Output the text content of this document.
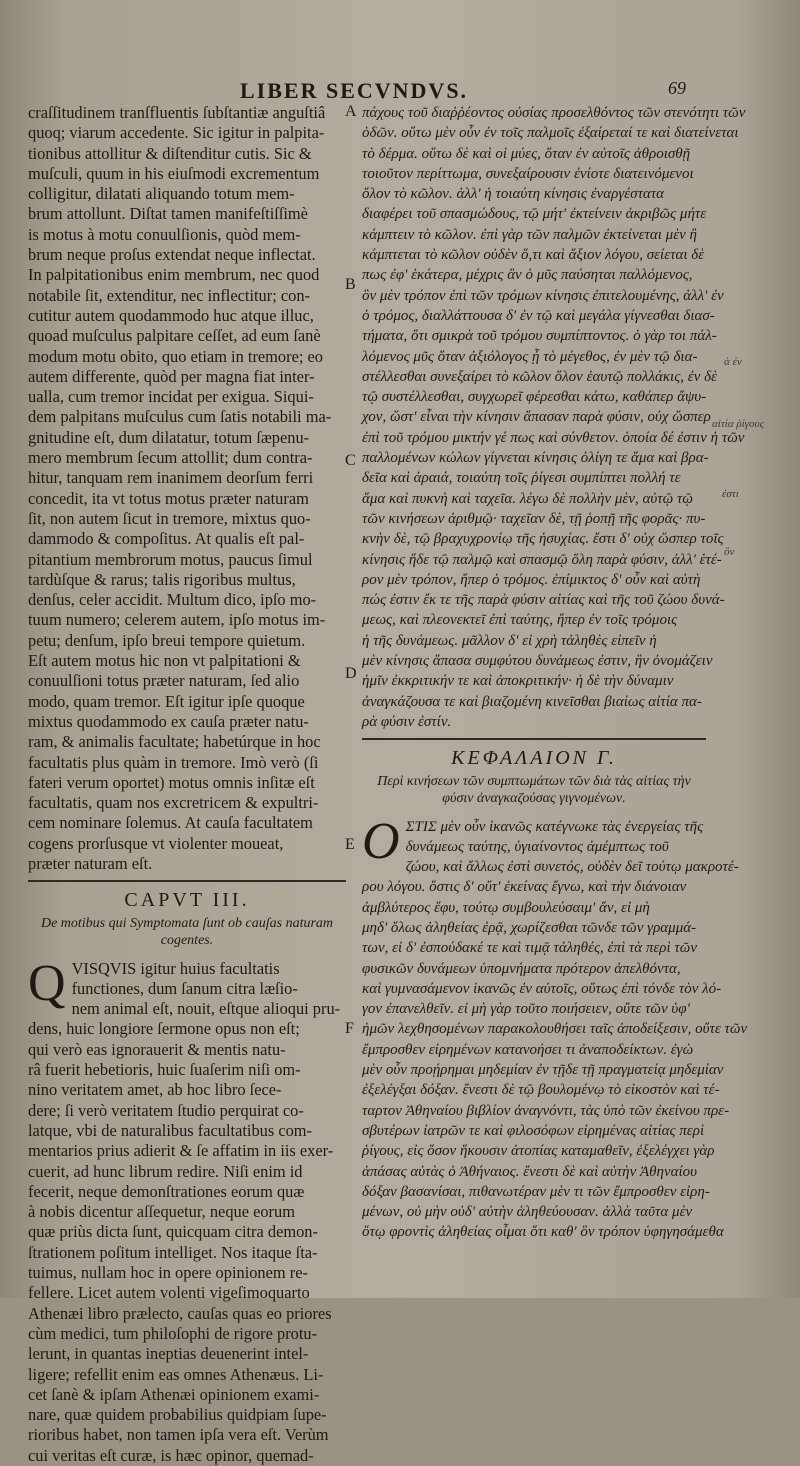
LIBER SECVNDVS.	69
craſſitudinem tranſfluentis ſubſtantiæ anguſtiâ
quoq; viarum accedente. Sic igitur in palpita-
tionibus attollitur & diſtenditur cutis. Sic &
muſculi, quum in his eiuſmodi excrementum
colligitur, dilatati aliquando totum mem-
brum attollunt. Diſtat tamen manifeſtiſſimè
is motus à motu conuulſionis, quòd mem-
brum neque proſus extendat neque inflectat.
In palpitationibus enim membrum, nec quod
notabile ſit, extenditur, nec inflectitur; con-
cutitur autem quodammodo huc atque illuc,
quoad muſculus palpitare ceſſet, ad eum ſanè
modum motu obito, quo etiam in tremore; eo
autem differente, quòd per magna fiat inter-
ualla, cum tremor incidat per exigua. Siqui-
dem palpitans muſculus cum ſatis notabili ma-
gnitudine eſt, dum dilatatur, totum ſæpenu-
mero membrum ſecum attollit; dum contra-
hitur, tanquam rem inanimem deorſum ferri
concedit, ita vt totus motus præter naturam
ſit, non autem ſicut in tremore, mixtus quo-
dammodo & compoſitus. At qualis eſt pal-
pitantium membrorum motus, paucus ſimul
tardùſque & rarus; talis rigoribus multus,
denſus, celer accidit. Multum dico, ipſo mo-
tuum numero; celerem autem, ipſo motus im-
petu; denſum, ipſo breui tempore quietum.
Eſt autem motus hic non vt palpitationi &
conuulſioni totus præter naturam, ſed alio
modo, quam tremor. Eſt igitur ipſe quoque
mixtus quodammodo ex cauſa præter natu-
ram, & animalis facultate; habetúrque in hoc
facultatis plus quàm in tremore. Imò verò (ſi
fateri verum oportet) motus omnis inſitæ eſt
facultatis, quam nos excretricem & expultri-
cem nominare ſolemus. At cauſa facultatem
cogens prorſusque vt violenter moueat,
præter naturam eſt.
CAPVT III.
De motibus qui Symptomata ſunt ob cauſas naturam cogentes.
Q VISQVIS igitur huius facultatis
functiones, dum ſanum citra læſio-
nem animal eſt, nouit, eſtque alioqui pru-
dens, huic longiore ſermone opus non eſt;
qui verò eas ignorauerit & mentis natu-
râ fuerit hebetioris, huic ſuaſerim niſi om-
nino veritatem amet, ab hoc libro ſece-
dere; ſi verò veritatem ſtudio perquirat co-
latque, vbi de naturalibus facultatibus com-
mentarios prius adierit & ſe affatim in iis exer-
cuerit, ad hunc librum redire. Niſi enim id
fecerit, neque demonſtrationes eorum quæ
à nobis dicentur aſſequetur, neque eorum
quæ priùs dicta ſunt, quicquam citra demon-
ſtrationem poſitum intelliget. Nos itaque ſta-
tuimus, nullam hoc in opere opinionem re-
fellere. Licet autem volenti vigeſimoquarto
Athenæi libro prælecto, cauſas quas eo priores
cùm medici, tum philoſophi de rigore protu-
lerunt, in quantas ineptias deuenerint intel-
ligere; refellit enim eas omnes Athenæus. Li-
cet ſanè & ipſam Athenæi opinionem exami-
nare, quæ quidem probabilius quidpiam ſupe-
rioribus habet, non tamen ipſa vera eſt. Verùm
cui veritas eſt curæ, is hæc opinor, quemad-
A
B
C
D
E
F
πάχους τοῦ διαῤῥέοντος οὐσίας προσελθόντος τῶν στενότητι τῶν
ὁδῶν. οὕτω μὲν οὖν ἐν τοῖς παλμοῖς ἐξαίρεταί τε καὶ διατείνεται
τὸ δέρμα. οὕτω δὲ καὶ οἱ μύες, ὅταν ἐν αὐτοῖς ἀθροισθῇ
τοιοῦτον περίττωμα, συνεξαίρουσιν ἐνίοτε διατεινόμενοι
ὅλον τὸ κῶλον. ἀλλ' ἡ τοιαύτη κίνησις ἐναργέστατα
διαφέρει τοῦ σπασμώδους, τῷ μήτ' ἐκτείνειν ἀκριβῶς μήτε
κάμπτειν τὸ κῶλον. ἐπὶ γὰρ τῶν παλμῶν ἐκτείνεται μὲν ἢ
κάμπτεται τὸ κῶλον οὐδὲν ὅ,τι καὶ ἄξιον λόγου, σείεται δὲ
πως ἐφ' ἑκάτερα, μέχρις ἂν ὁ μῦς παύσηται παλλόμενος,
ὃν μὲν τρόπον ἐπὶ τῶν τρόμων κίνησις ἐπιτελουμένης, ἀλλ' ἐν
ὁ τρόμος, διαλλάττουσα δ' ἐν τῷ καὶ μεγάλα γίγνεσθαι διασ-
τήματα, ὅτι σμικρὰ τοῦ τρόμου συμπίπτοντος. ὁ γὰρ τοι πάλ-
λόμενος μῦς ὅταν ἀξιόλογος ᾖ τὸ μέγεθος, ἐν μὲν τῷ δια-
στέλλεσθαι συνεξαίρει τὸ κῶλον ὅλον ἑαυτῷ πολλάκις, ἐν δὲ
τῷ συστέλλεσθαι, συγχωρεῖ φέρεσθαι κάτω, καθάπερ ἄψυ-
χον, ὥστ' εἶναι τὴν κίνησιν ἅπασαν παρὰ φύσιν, οὐχ ὥσπερ
ἐπὶ τοῦ τρόμου μικτήν γέ πως καὶ σύνθετον. ὁποία δέ ἐστιν ἡ τῶν
παλλομένων κώλων γίγνεται κίνησις ὀλίγη τε ἅμα καὶ βρα-
δεῖα καὶ ἀραιά, τοιαύτη τοῖς ῥίγεσι συμπίπτει πολλή τε
ἅμα καὶ πυκνὴ καὶ ταχεῖα. λέγω δὲ πολλὴν μὲν, αὐτῷ τῷ
τῶν κινήσεων ἀριθμῷ· ταχεῖαν δὲ, τῇ ῥοπῇ τῆς φορᾶς· πυ-
κνὴν δὲ, τῷ βραχυχρονίῳ τῆς ἡσυχίας. ἔστι δ' οὐχ ὥσπερ τοῖς
κίνησις ἥδε τῷ παλμῷ καὶ σπασμῷ ὅλη παρὰ φύσιν, ἀλλ' ἑτέ-
ρον μὲν τρόπον, ἤπερ ὁ τρόμος. ἐπίμικτος δ' οὖν καὶ αὐτὴ
πώς ἐστιν ἔκ τε τῆς παρὰ φύσιν αἰτίας καὶ τῆς τοῦ ζώου δυνά-
μεως, καὶ πλεονεκτεῖ ἐπὶ ταύτης, ἤπερ ἐν τοῖς τρόμοις
ἡ τῆς δυνάμεως. μᾶλλον δ' εἰ χρὴ τἀληθὲς εἰπεῖν ἡ
μὲν κίνησις ἅπασα συμφύτου δυνάμεως ἐστιν, ἣν ὀνομάζειν
ἡμῖν ἐκκριτικήν τε καὶ ἀποκριτικήν· ἡ δὲ τὴν δύναμιν
ἀναγκάζουσα τε καὶ βιαζομένη κινεῖσθαι βιαίως αἰτία πα-
ρὰ φύσιν ἐστίν.
ΚΕΦΑΛΑΙΟΝ Γ.
Περὶ κινήσεων τῶν συμπτωμάτων τῶν διὰ τὰς αἰτίας τὴν φύσιν ἀναγκαζούσας γιγνομένων.
Ο ΣΤΙΣ μὲν οὖν ἱκανῶς κατέγνωκε τὰς ἐνεργείας τῆς
δυνάμεως ταύτης, ὑγιαίνοντος ἀμέμπτως τοῦ
ζώου, καὶ ἄλλως ἐστὶ συνετός, οὐδὲν δεῖ τούτῳ μακροτέ-
ρου λόγου. ὅστις δ' οὔτ' ἐκείνας ἔγνω, καὶ τὴν διάνοιαν
ἀμβλύτερος ἔφυ, τούτῳ συμβουλεύσαιμ' ἄν, εἰ μὴ
μηδ' ὅλως ἀληθείας ἐρᾷ, χωρίζεσθαι τῶνδε τῶν γραμμά-
των, εἰ δ' ἐσπούδακέ τε καὶ τιμᾷ τἀληθές, ἐπὶ τὰ περὶ τῶν
φυσικῶν δυνάμεων ὑπομνήματα πρότερον ἀπελθόντα,
καὶ γυμνασάμενον ἱκανῶς ἐν αὐτοῖς, οὕτως ἐπὶ τόνδε τὸν λό-
γον ἐπανελθεῖν. εἰ μὴ γὰρ τοῦτο ποιήσειεν, οὔτε τῶν ὑφ'
ἡμῶν λεχθησομένων παρακολουθήσει ταῖς ἀποδείξεσιν, οὔτε τῶν
ἔμπροσθεν εἰρημένων κατανοήσει τι ἀναποδείκτων. ἐγὼ
μὲν οὖν προῄρημαι μηδεμίαν ἐν τῇδε τῇ πραγματείᾳ μηδεμίαν
ἐξελέγξαι δόξαν. ἔνεστι δὲ τῷ βουλομένῳ τὸ εἰκοστὸν καὶ τέ-
ταρτον Ἀθηναίου βιβλίον ἀναγνόντι, τὰς ὑπὸ τῶν ἐκείνου πρε-
σβυτέρων ἰατρῶν τε καὶ φιλοσόφων εἰρημένας αἰτίας περὶ
ῥίγους, εἰς ὅσον ἥκουσιν ἀτοπίας καταμαθεῖν, ἐξελέγχει γὰρ
ἁπάσας αὐτὰς ὁ Ἀθήναιος. ἔνεστι δὲ καὶ αὐτὴν Ἀθηναίου
δόξαν βασανίσαι, πιθανωτέραν μὲν τι τῶν ἔμπροσθεν εἰρη-
μένων, οὐ μὴν οὐδ' αὐτὴν ἀληθεύουσαν. ἀλλὰ ταῦτα μὲν
ὅτῳ φροντὶς ἀληθείας οἶμαι ὅτι καθ' ὃν τρόπον ὑφηγησάμεθα
ἀ ἐν
αἰτία ῥίγους
ἐστι
ὃν
